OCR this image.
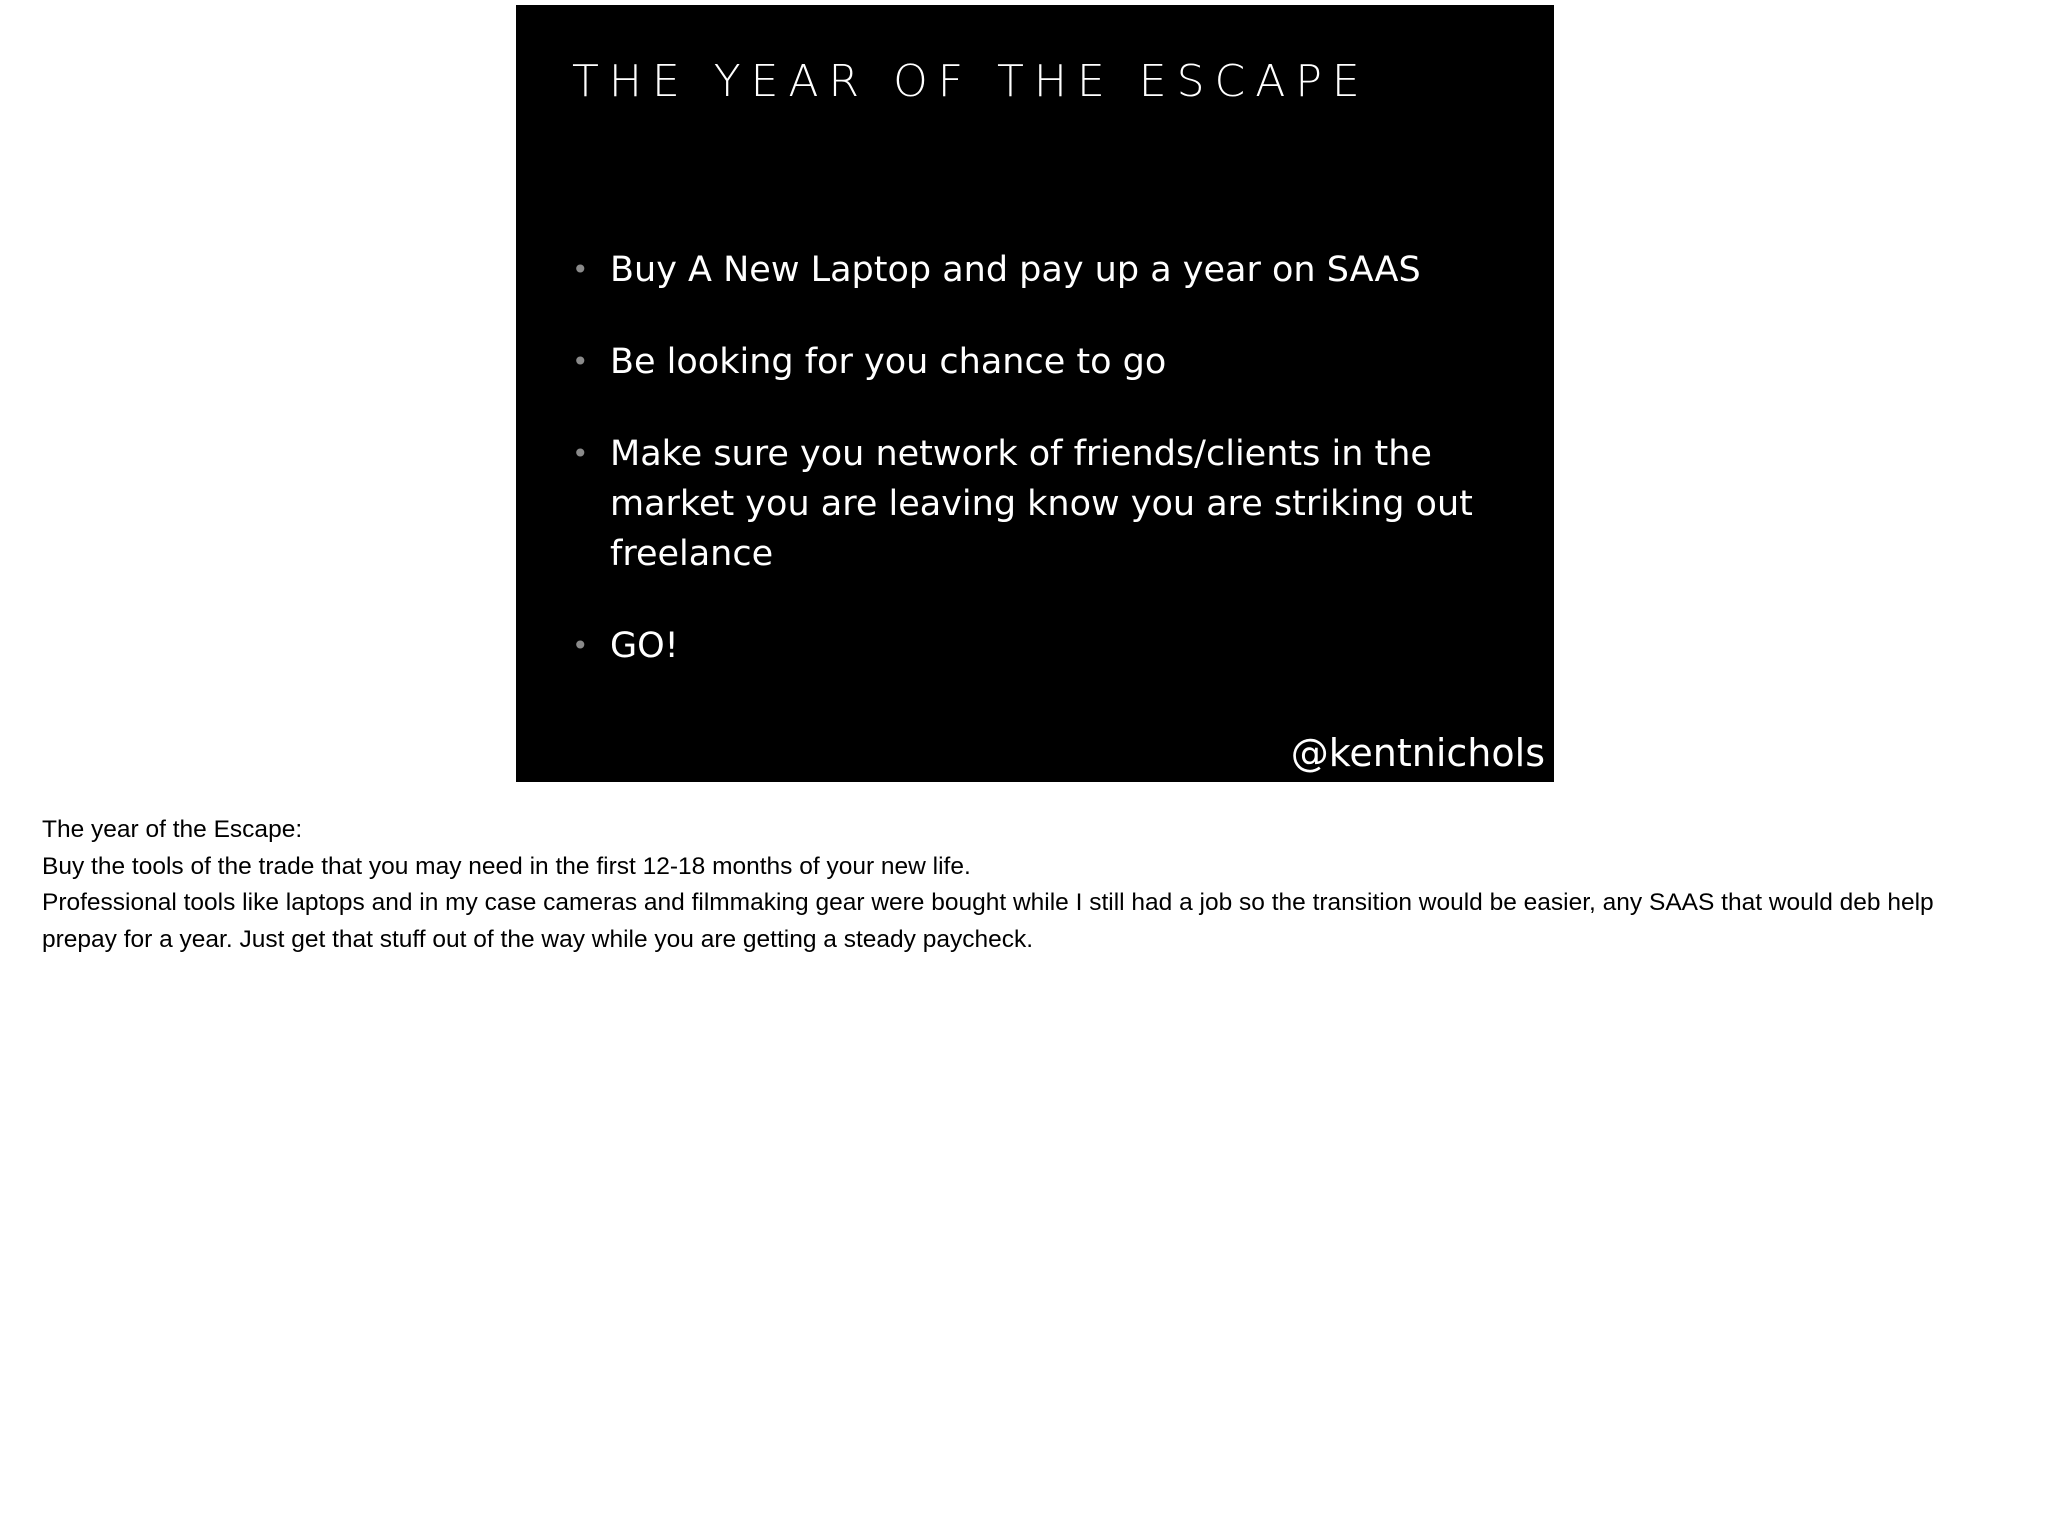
THE YEAR OF THE ESCAPE
• Buy A New Laptop and pay up a year on SAAS
• Be looking for you chance to go
• Make sure you network of friends/clients in the market you are leaving know you are striking out freelance
• GO!
@kentnichols

The year of the Escape:

Buy the tools of the trade that you may need in the first 12-18 months of your new life.

Professional tools like laptops and in my case cameras and filmmaking gear were bought while I still had a job so the transition would be easier, any SAAS that would deb help prepay for a year. Just get that stuff out of the way while you are getting a steady paycheck.
